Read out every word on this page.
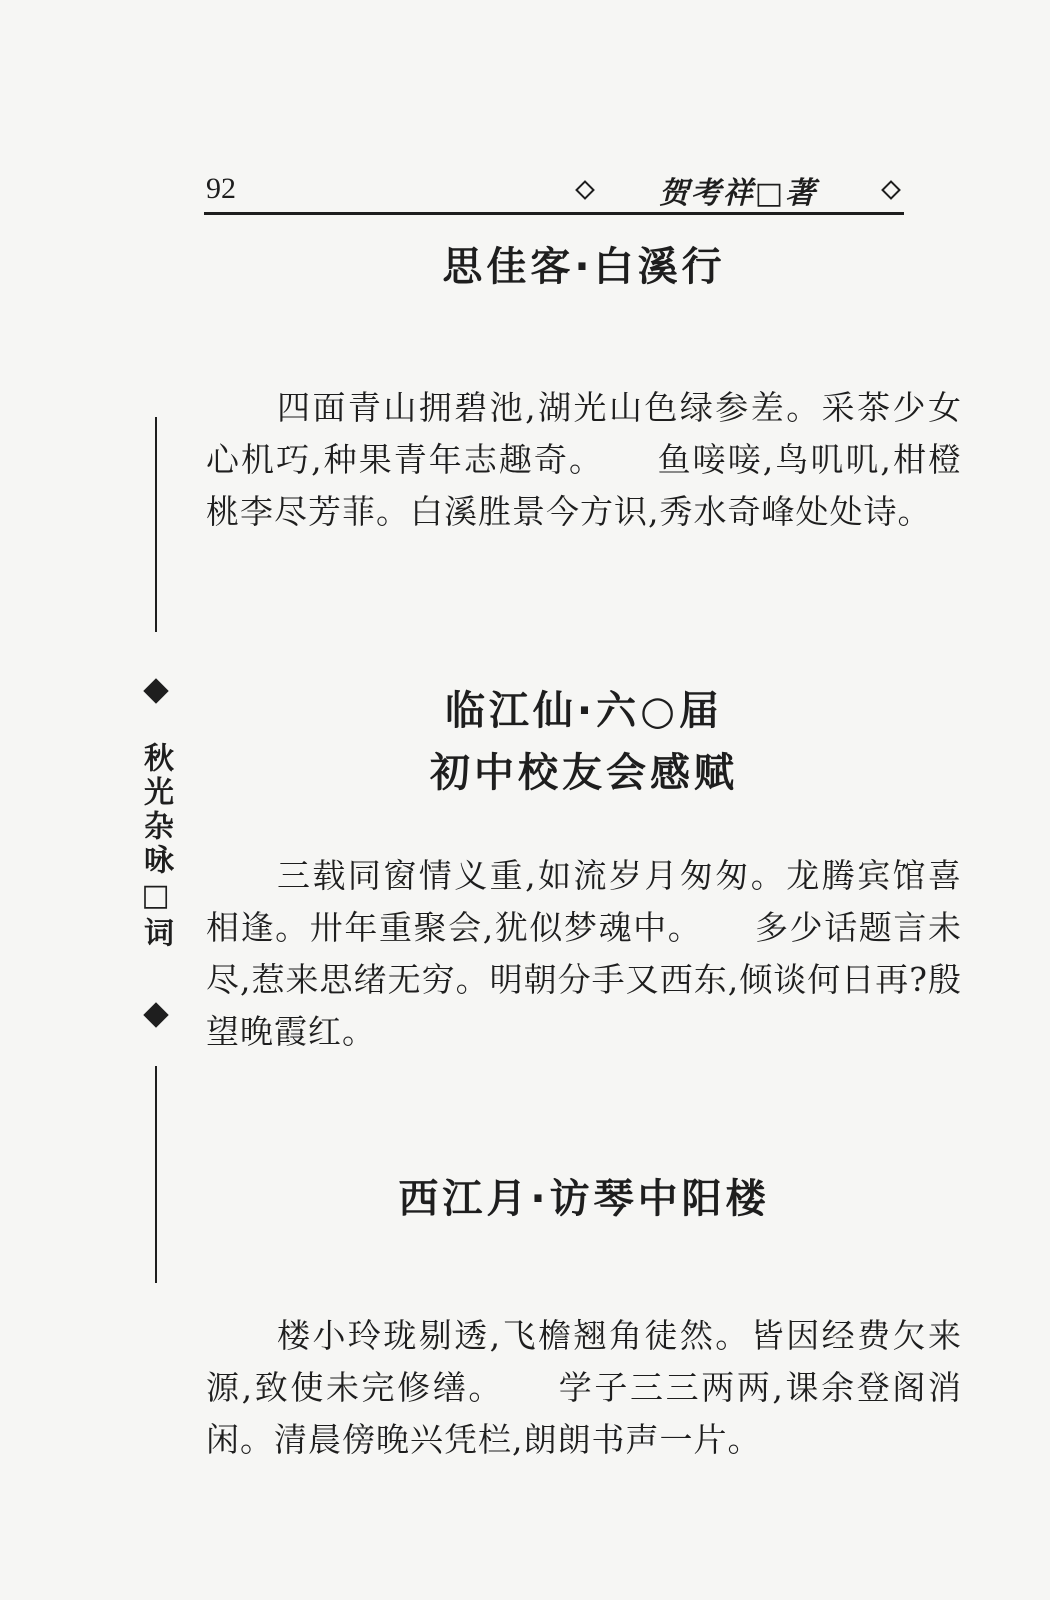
92	贺考祥□著
秋光杂咏□词
思佳客·白溪行

四面青山拥碧池,湖光山色绿参差。采茶少女心机巧,种果青年志趣奇。　　鱼唼唼,鸟叽叽,柑橙桃李尽芳菲。白溪胜景今方识,秀水奇峰处处诗。

临江仙·六○届
初中校友会感赋

三载同窗情义重,如流岁月匆匆。龙腾宾馆喜相逢。卅年重聚会,犹似梦魂中。　　多少话题言未尽,惹来思绪无穷。明朝分手又西东,倾谈何日再?殷望晚霞红。

西江月·访琴中阳楼

楼小玲珑剔透,飞檐翘角徒然。皆因经费欠来源,致使未完修缮。　　学子三三两两,课余登阁消闲。清晨傍晚兴凭栏,朗朗书声一片。
